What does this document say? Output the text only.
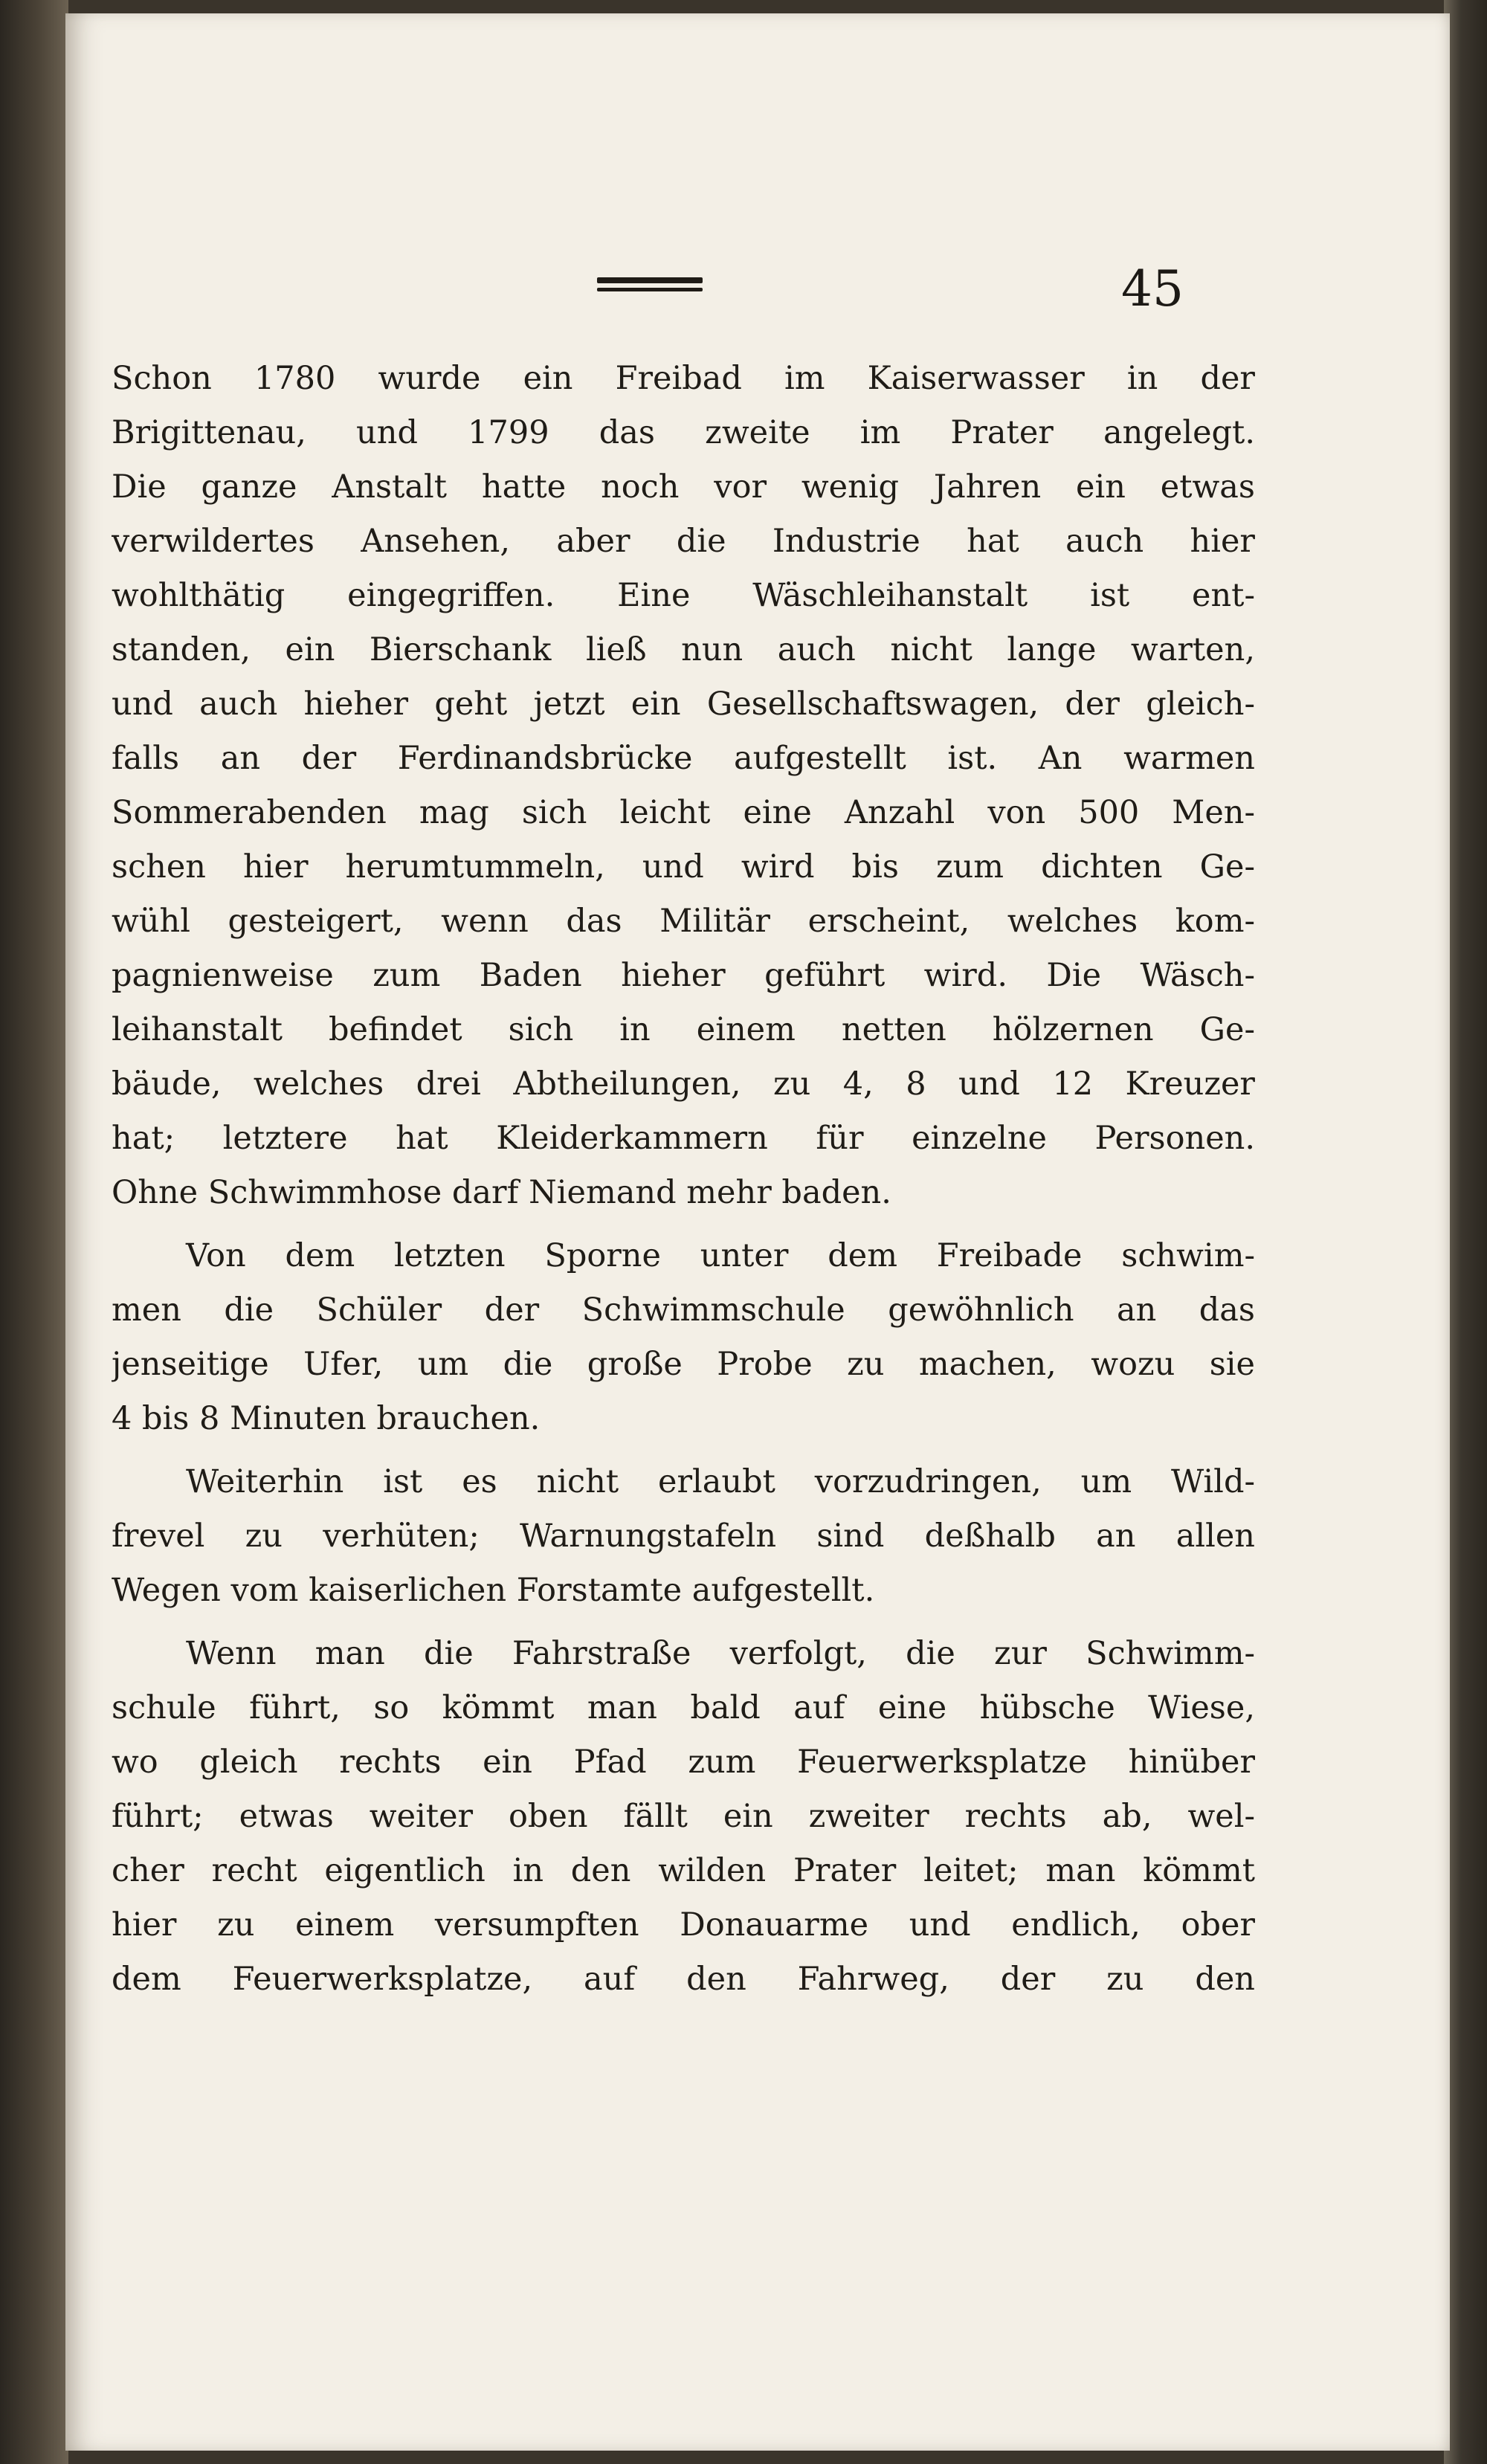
45
Schon 1780 wurde ein Freibad im Kaiserwasser in der
Brigittenau, und 1799 das zweite im Prater angelegt.
Die ganze Anstalt hatte noch vor wenig Jahren ein etwas
verwildertes Ansehen, aber die Industrie hat auch hier
wohlthätig eingegriffen. Eine Wäschleihanstalt ist ent-
standen, ein Bierschank ließ nun auch nicht lange warten,
und auch hieher geht jetzt ein Gesellschaftswagen, der gleich-
falls an der Ferdinandsbrücke aufgestellt ist. An warmen
Sommerabenden mag sich leicht eine Anzahl von 500 Men-
schen hier herumtummeln, und wird bis zum dichten Ge-
wühl gesteigert, wenn das Militär erscheint, welches kom-
pagnienweise zum Baden hieher geführt wird. Die Wäsch-
leihanstalt befindet sich in einem netten hölzernen Ge-
bäude, welches drei Abtheilungen, zu 4, 8 und 12 Kreuzer
hat; letztere hat Kleiderkammern für einzelne Personen.
Ohne Schwimmhose darf Niemand mehr baden.
Von dem letzten Sporne unter dem Freibade schwim-
men die Schüler der Schwimmschule gewöhnlich an das
jenseitige Ufer, um die große Probe zu machen, wozu sie
4 bis 8 Minuten brauchen.
Weiterhin ist es nicht erlaubt vorzudringen, um Wild-
frevel zu verhüten; Warnungstafeln sind deßhalb an allen
Wegen vom kaiserlichen Forstamte aufgestellt.
Wenn man die Fahrstraße verfolgt, die zur Schwimm-
schule führt, so kömmt man bald auf eine hübsche Wiese,
wo gleich rechts ein Pfad zum Feuerwerksplatze hinüber
führt; etwas weiter oben fällt ein zweiter rechts ab, wel-
cher recht eigentlich in den wilden Prater leitet; man kömmt
hier zu einem versumpften Donauarme und endlich, ober
dem Feuerwerksplatze, auf den Fahrweg, der zu den
